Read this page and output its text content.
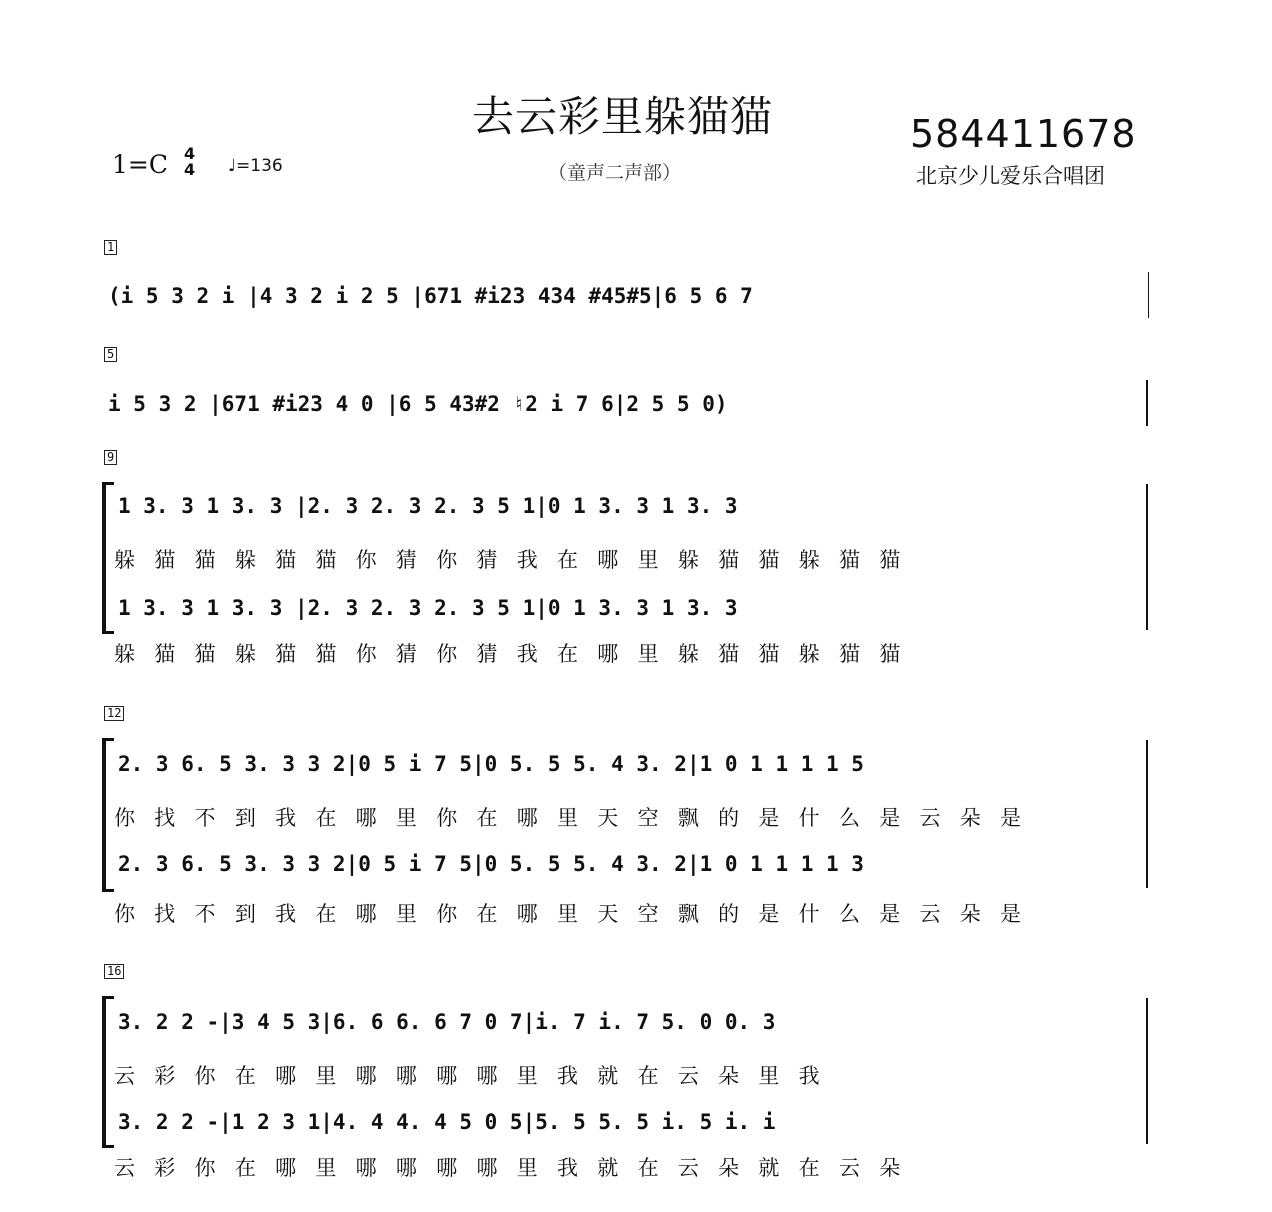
去云彩里躲猫猫
（童声二声部）
584411678
北京少儿爱乐合唱团
1=C 4
4 ♩=136
1
(i 5 3 2 i |4 3 2 i 2 5 |671 #i23 434 #45#5|6 5 6 7
5
i 5 3 2 |671 #i23 4 0 |6 5 43#2 ♮2 i 7 6|2 5 5 0)
9
1 3. 3 1 3. 3 |2. 3 2. 3 2. 3 5 1|0 1 3. 3 1 3. 3
躲 猫 猫 躲 猫 猫 你 猜 你 猜 我 在 哪 里 躲 猫 猫 躲 猫 猫
1 3. 3 1 3. 3 |2. 3 2. 3 2. 3 5 1|0 1 3. 3 1 3. 3
躲 猫 猫 躲 猫 猫 你 猜 你 猜 我 在 哪 里 躲 猫 猫 躲 猫 猫
12
2. 3 6. 5 3. 3 3 2|0 5 i 7 5|0 5. 5 5. 4 3. 2|1 0 1 1 1 1 5
你 找 不 到 我 在 哪 里 你 在 哪 里 天 空 飘 的 是 什 么 是 云 朵 是
2. 3 6. 5 3. 3 3 2|0 5 i 7 5|0 5. 5 5. 4 3. 2|1 0 1 1 1 1 3
你 找 不 到 我 在 哪 里 你 在 哪 里 天 空 飘 的 是 什 么 是 云 朵 是
16
3. 2 2 -|3 4 5 3|6. 6 6. 6 7 0 7|i. 7 i. 7 5. 0 0. 3
云 彩 你 在 哪 里 哪 哪 哪 哪 里 我 就 在 云 朵 里 我
3. 2 2 -|1 2 3 1|4. 4 4. 4 5 0 5|5. 5 5. 5 i. 5 i. i
云 彩 你 在 哪 里 哪 哪 哪 哪 里 我 就 在 云 朵 就 在 云 朵
